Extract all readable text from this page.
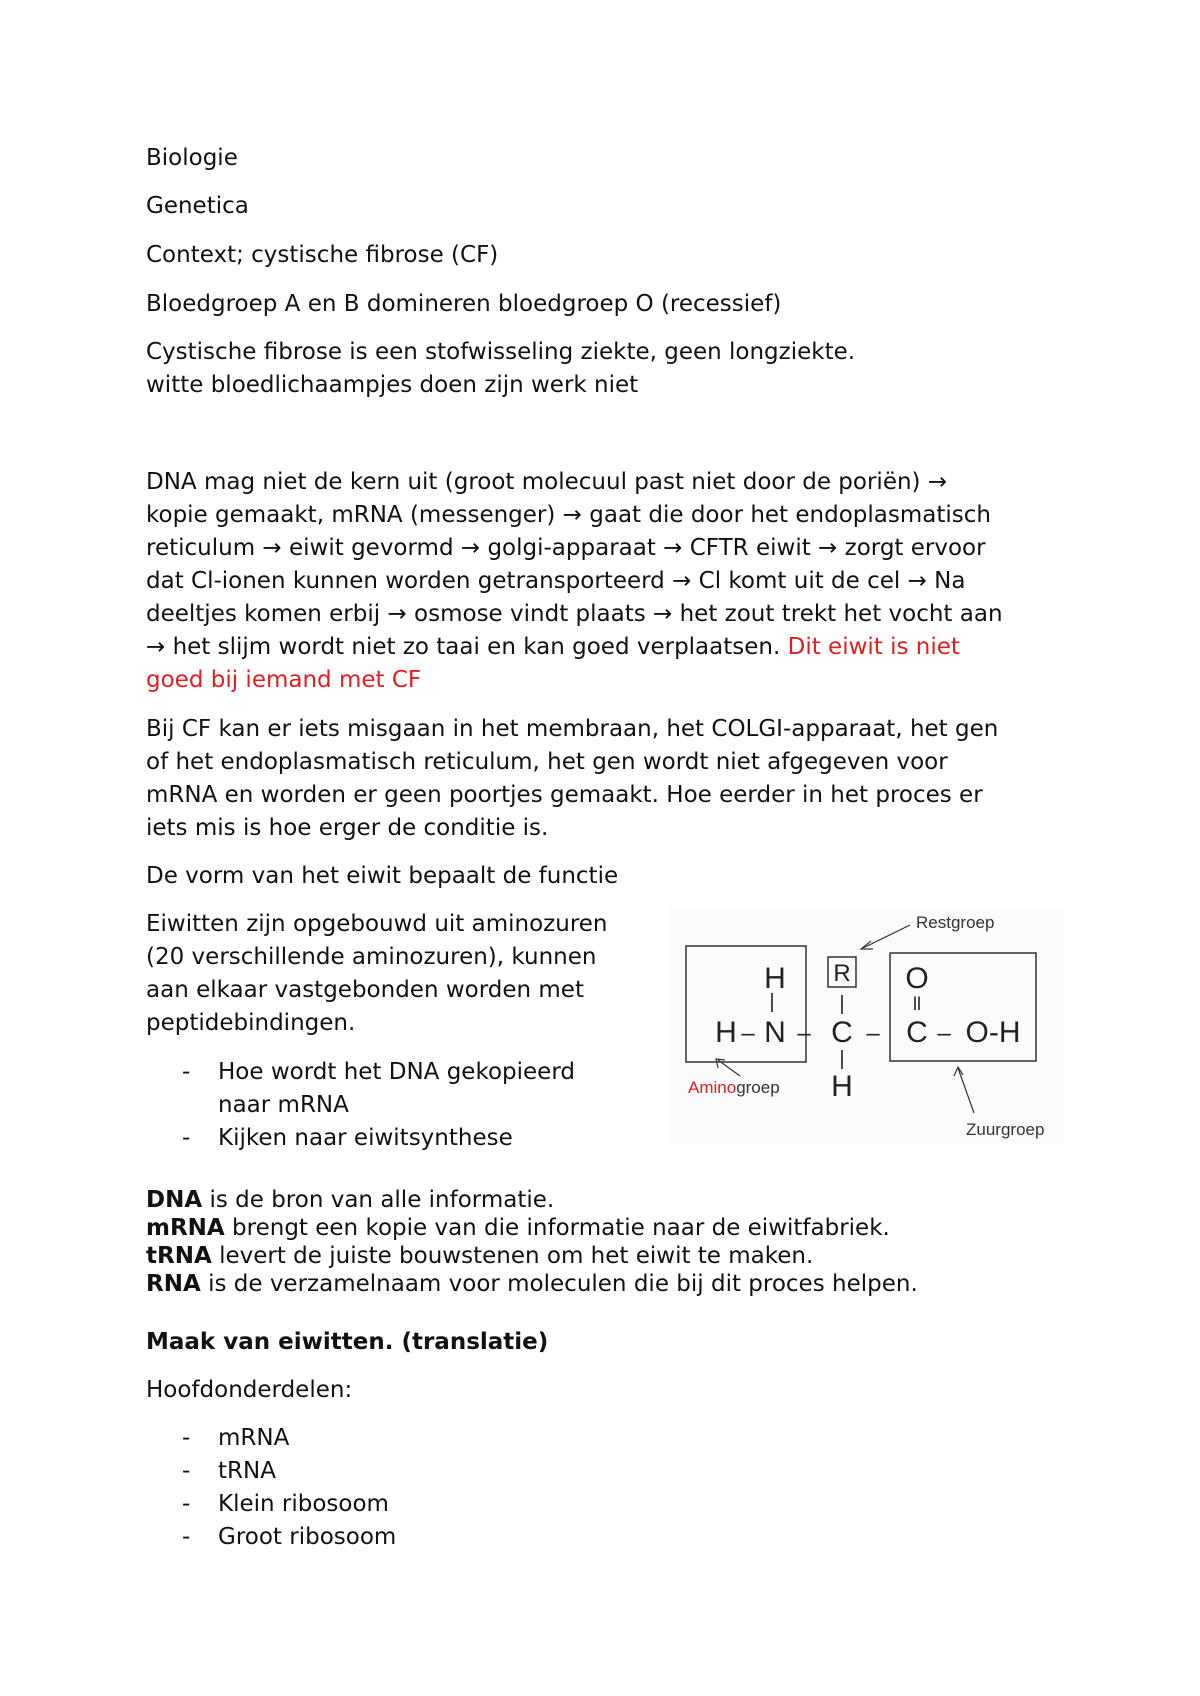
Biologie

Genetica

Context; cystische fibrose (CF)

Bloedgroep A en B domineren bloedgroep O (recessief)

Cystische fibrose is een stofwisseling ziekte, geen longziekte.

witte bloedlichaampjes doen zijn werk niet

DNA mag niet de kern uit (groot molecuul past niet door de poriën) →

kopie gemaakt, mRNA (messenger) → gaat die door het endoplasmatisch

reticulum → eiwit gevormd → golgi-apparaat → CFTR eiwit → zorgt ervoor

dat Cl-ionen kunnen worden getransporteerd → Cl komt uit de cel → Na

deeltjes komen erbij → osmose vindt plaats → het zout trekt het vocht aan

→ het slijm wordt niet zo taai en kan goed verplaatsen. Dit eiwit is niet

goed bij iemand met CF

Bij CF kan er iets misgaan in het membraan, het COLGI-apparaat, het gen

of het endoplasmatisch reticulum, het gen wordt niet afgegeven voor

mRNA en worden er geen poortjes gemaakt. Hoe eerder in het proces er

iets mis is hoe erger de conditie is.

De vorm van het eiwit bepaalt de functie

Eiwitten zijn opgebouwd uit aminozuren

(20 verschillende aminozuren), kunnen

aan elkaar vastgebonden worden met

peptidebindingen.

- Hoe wordt het DNA gekopieerd
naar mRNA
- Kijken naar eiwitsynthese
H
|
H – N –
R
|
C –
|
H
O
ll
C – O-H
Restgroep
Aminogroep
Zuurgroep

DNA is de bron van alle informatie.

mRNA brengt een kopie van die informatie naar de eiwitfabriek.

tRNA levert de juiste bouwstenen om het eiwit te maken.

RNA is de verzamelnaam voor moleculen die bij dit proces helpen.

Maak van eiwitten. (translatie)

Hoofdonderdelen:

- mRNA
- tRNA
- Klein ribosoom
- Groot ribosoom
